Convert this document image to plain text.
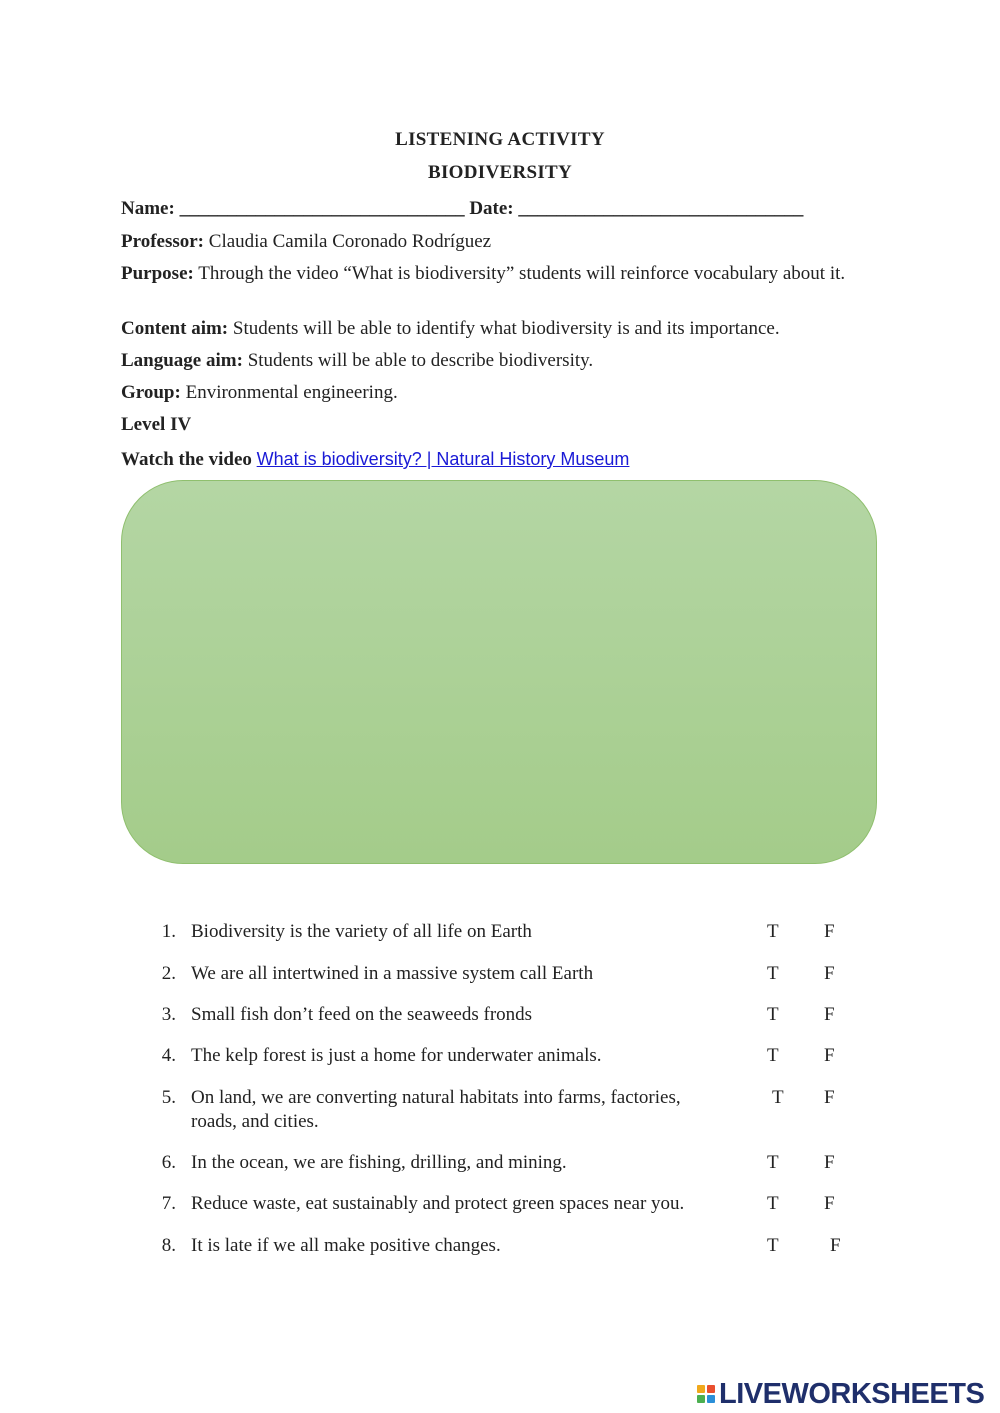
LISTENING ACTIVITY
BIODIVERSITY
Name: ______________________________ Date: ______________________________
Professor: Claudia Camila Coronado Rodríguez
Purpose: Through the video “What is biodiversity” students will reinforce vocabulary about it.
Content aim: Students will be able to identify what biodiversity is and its importance.
Language aim: Students will be able to describe biodiversity.
Group: Environmental engineering.
Level IV
Watch the video What is biodiversity? | Natural History Museum
1. Biodiversity is the variety of all life on Earth	T F
2. We are all intertwined in a massive system call Earth	T F
3. Small fish don’t feed on the seaweeds fronds	T F
4. The kelp forest is just a home for underwater animals.	T F
5. On land, we are converting natural habitats into farms, factories, roads, and cities.
T F
6. In the ocean, we are fishing, drilling, and mining.	T F
7. Reduce waste, eat sustainably and protect green spaces near you.	T F
8. It is late if we all make positive changes.	T	F
LIVEWORKSHEETS
